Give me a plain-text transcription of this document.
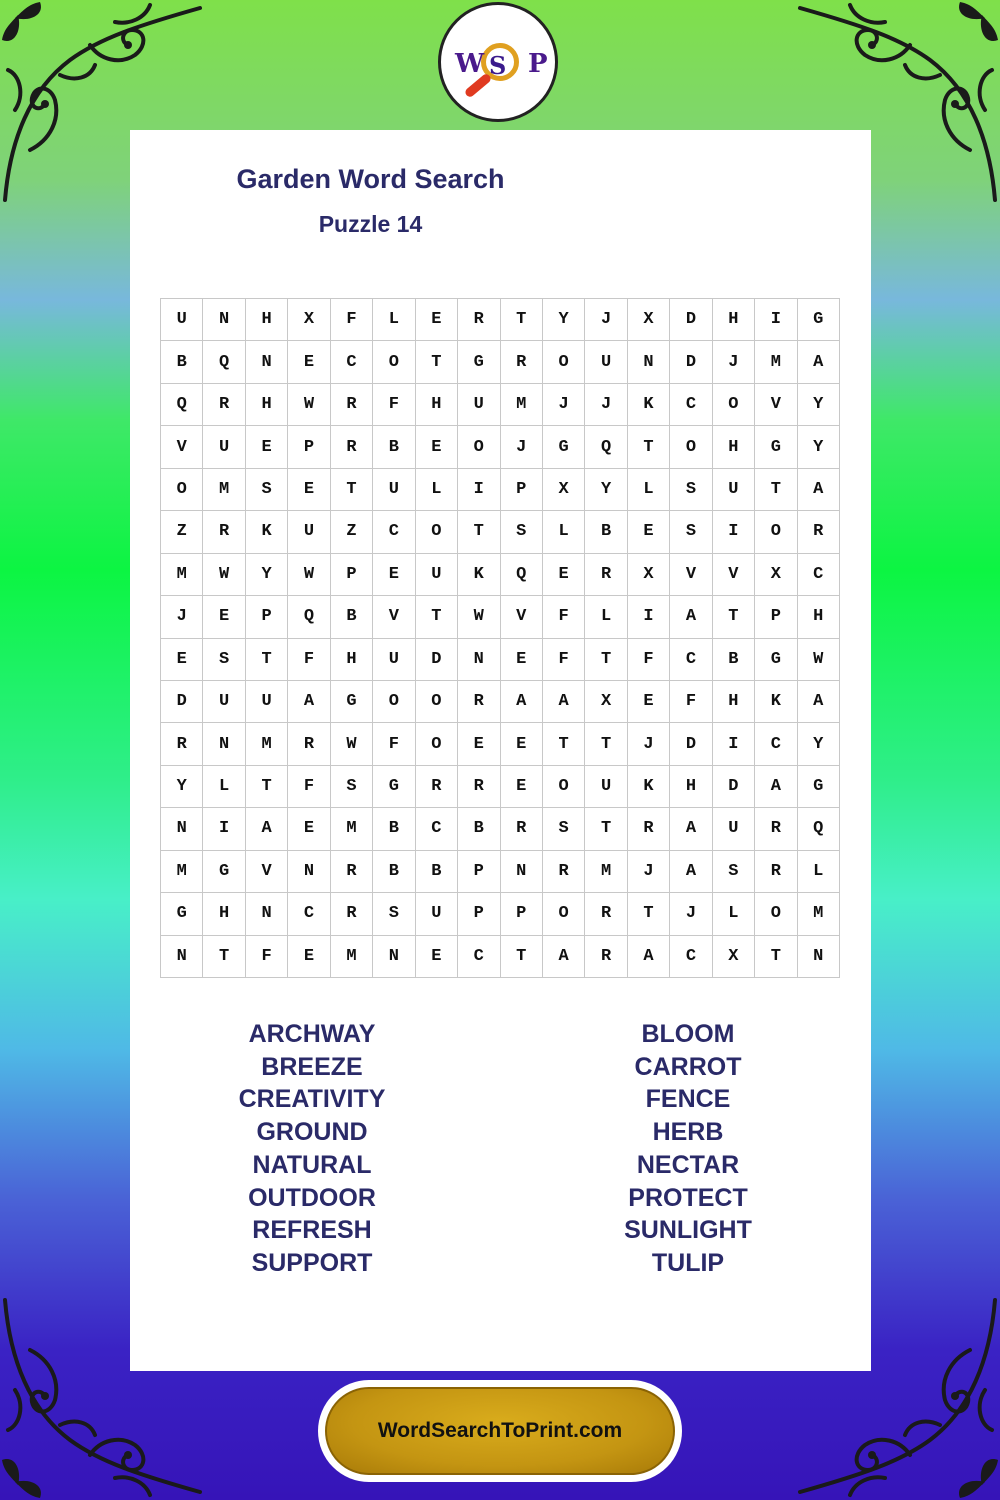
W S P
Garden Word Search
Puzzle 14
U	N	H	X	F	L	E	R	T	Y	J	X	D	H	I	G
B	Q	N	E	C	O	T	G	R	O	U	N	D	J	M	A
Q	R	H	W	R	F	H	U	M	J	J	K	C	O	V	Y
V	U	E	P	R	B	E	O	J	G	Q	T	O	H	G	Y
O	M	S	E	T	U	L	I	P	X	Y	L	S	U	T	A
Z	R	K	U	Z	C	O	T	S	L	B	E	S	I	O	R
M	W	Y	W	P	E	U	K	Q	E	R	X	V	V	X	C
J	E	P	Q	B	V	T	W	V	F	L	I	A	T	P	H
E	S	T	F	H	U	D	N	E	F	T	F	C	B	G	W
D	U	U	A	G	O	O	R	A	A	X	E	F	H	K	A
R	N	M	R	W	F	O	E	E	T	T	J	D	I	C	Y
Y	L	T	F	S	G	R	R	E	O	U	K	H	D	A	G
N	I	A	E	M	B	C	B	R	S	T	R	A	U	R	Q
M	G	V	N	R	B	B	P	N	R	M	J	A	S	R	L
G	H	N	C	R	S	U	P	P	O	R	T	J	L	O	M
N	T	F	E	M	N	E	C	T	A	R	A	C	X	T	N
ARCHWAY
BREEZE
CREATIVITY
GROUND
NATURAL
OUTDOOR
REFRESH
SUPPORT
BLOOM
CARROT
FENCE
HERB
NECTAR
PROTECT
SUNLIGHT
TULIP
WordSearchToPrint.com
